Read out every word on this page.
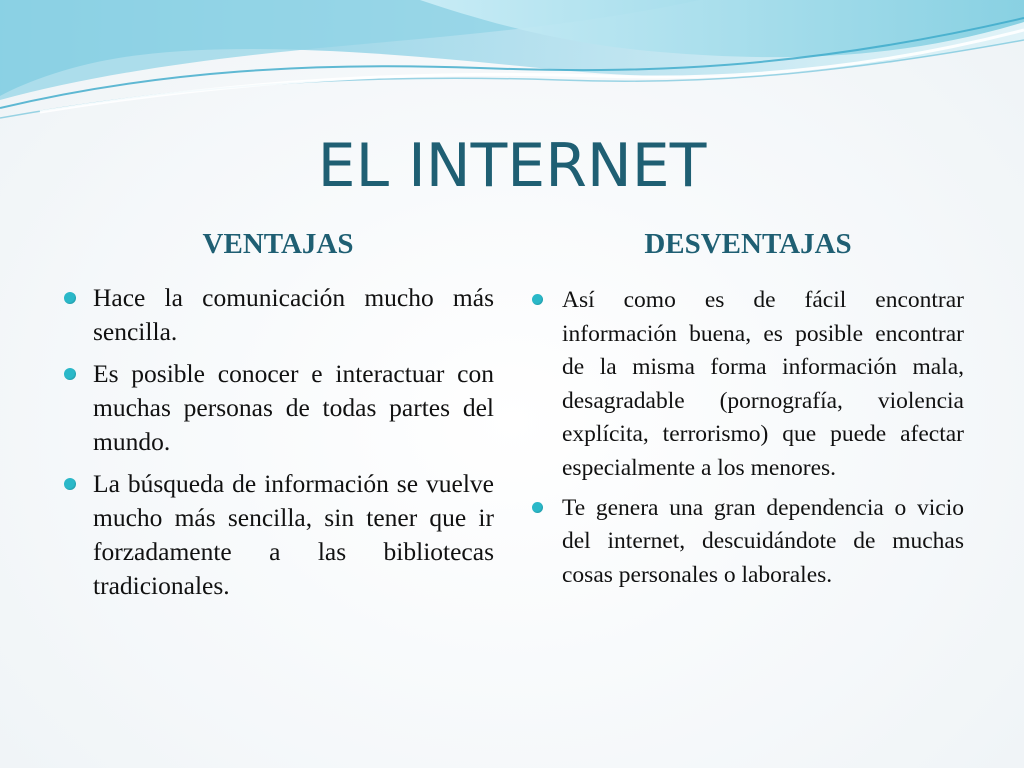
EL INTERNET
VENTAJAS	DESVENTAJAS
Hace la comunicación mucho más sencilla.
Es posible conocer e interactuar con muchas personas de todas partes del mundo.
La búsqueda de información se vuelve mucho más sencilla, sin tener que ir forzadamente a las bibliotecas tradicionales.
Así como es de fácil encontrar información buena, es posible encontrar de la misma forma información mala, desagradable (pornografía, violencia explícita, terrorismo) que puede afectar especialmente a los menores.
Te genera una gran dependencia o vicio del internet, descuidándote de muchas cosas personales o laborales.
